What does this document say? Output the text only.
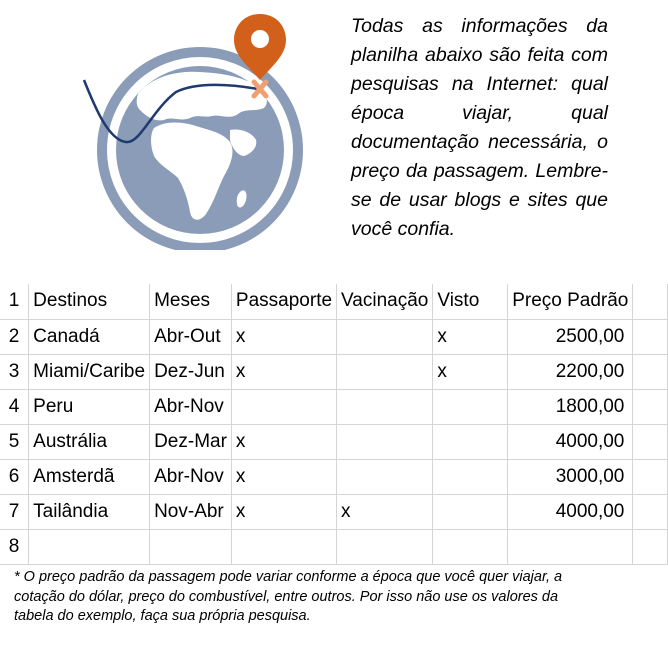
Todas as informações da planilha abaixo são feita com pesquisas na Internet: qual época viajar, qual documentação necessária, o preço da passagem. Lembre-se de usar blogs e sites que você confia.

1	Destinos	Meses	Passaporte	Vacinação	Visto	Preço Padrão	
2	Canadá	Abr-Out	x		x	2500,00	
3	Miami/Caribe	Dez-Jun	x		x	2200,00	
4	Peru	Abr-Nov				1800,00	
5	Austrália	Dez-Mar	x			4000,00	
6	Amsterdã	Abr-Nov	x			3000,00	
7	Tailândia	Nov-Abr	x	x		4000,00	
8							

* O preço padrão da passagem pode variar conforme a época que você quer viajar, a cotação do dólar, preço do combustível, entre outros. Por isso não use os valores da tabela do exemplo, faça sua própria pesquisa.
